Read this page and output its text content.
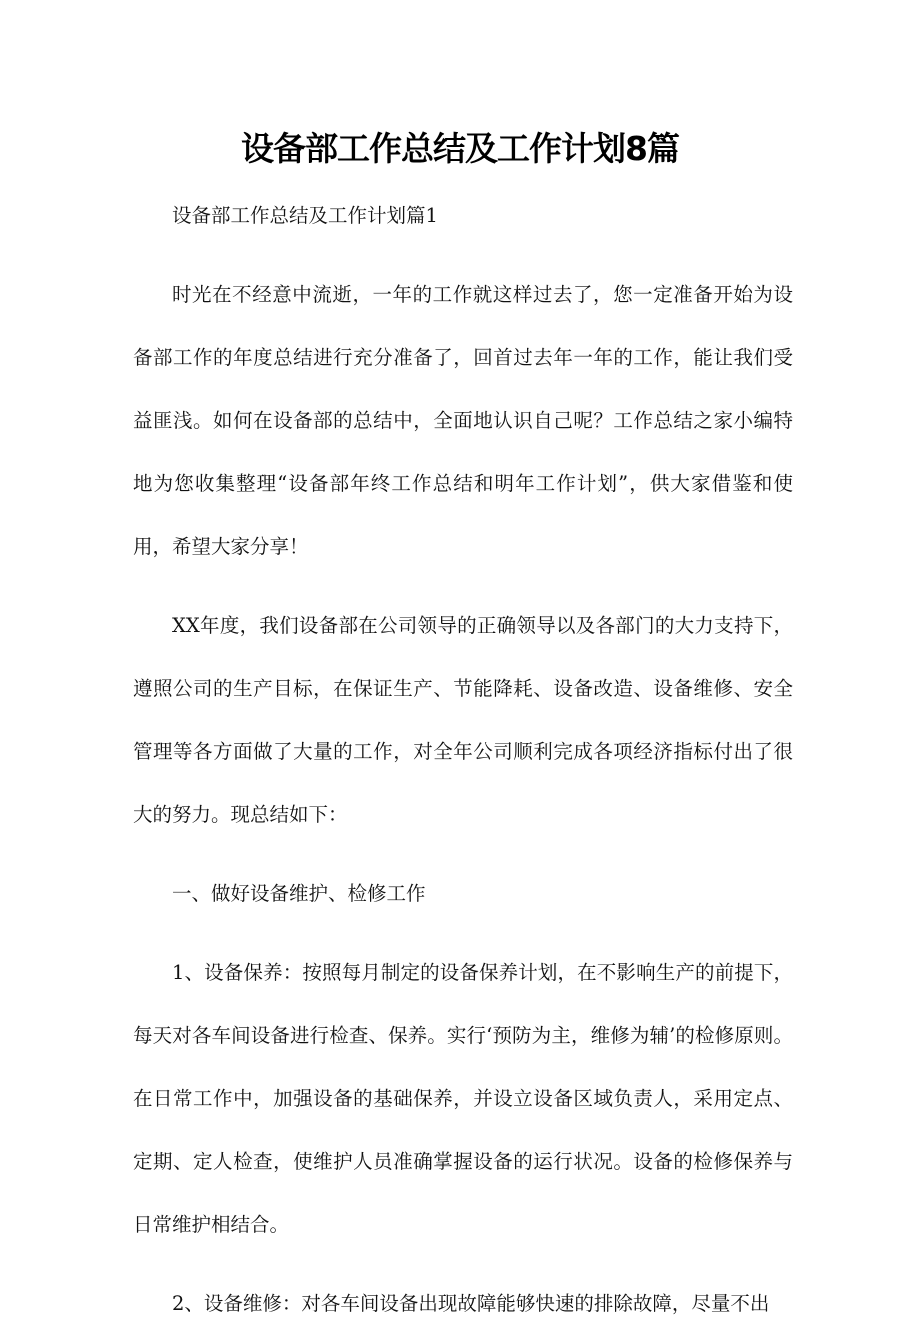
设备部工作总结及工作计划8篇

设备部工作总结及工作计划篇1

时光在不经意中流逝，一年的工作就这样过去了，您一定准备开始为设备部工作的年度总结进行充分准备了，回首过去年一年的工作，能让我们受益匪浅。如何在设备部的总结中，全面地认识自己呢？工作总结之家小编特地为您收集整理“设备部年终工作总结和明年工作计划”，供大家借鉴和使用，希望大家分享！

XX年度，我们设备部在公司领导的正确领导以及各部门的大力支持下，遵照公司的生产目标，在保证生产、节能降耗、设备改造、设备维修、安全管理等各方面做了大量的工作，对全年公司顺利完成各项经济指标付出了很大的努力。现总结如下：

一、做好设备维护、检修工作

1、设备保养：按照每月制定的设备保养计划，在不影响生产的前提下，每天对各车间设备进行检查、保养。实行‘预防为主，维修为辅’的检修原则。在日常工作中，加强设备的基础保养，并设立设备区域负责人，采用定点、定期、定人检查，使维护人员准确掌握设备的运行状况。设备的检修保养与日常维护相结合。

2、设备维修：对各车间设备出现故障能够快速的排除故障，尽量不出
